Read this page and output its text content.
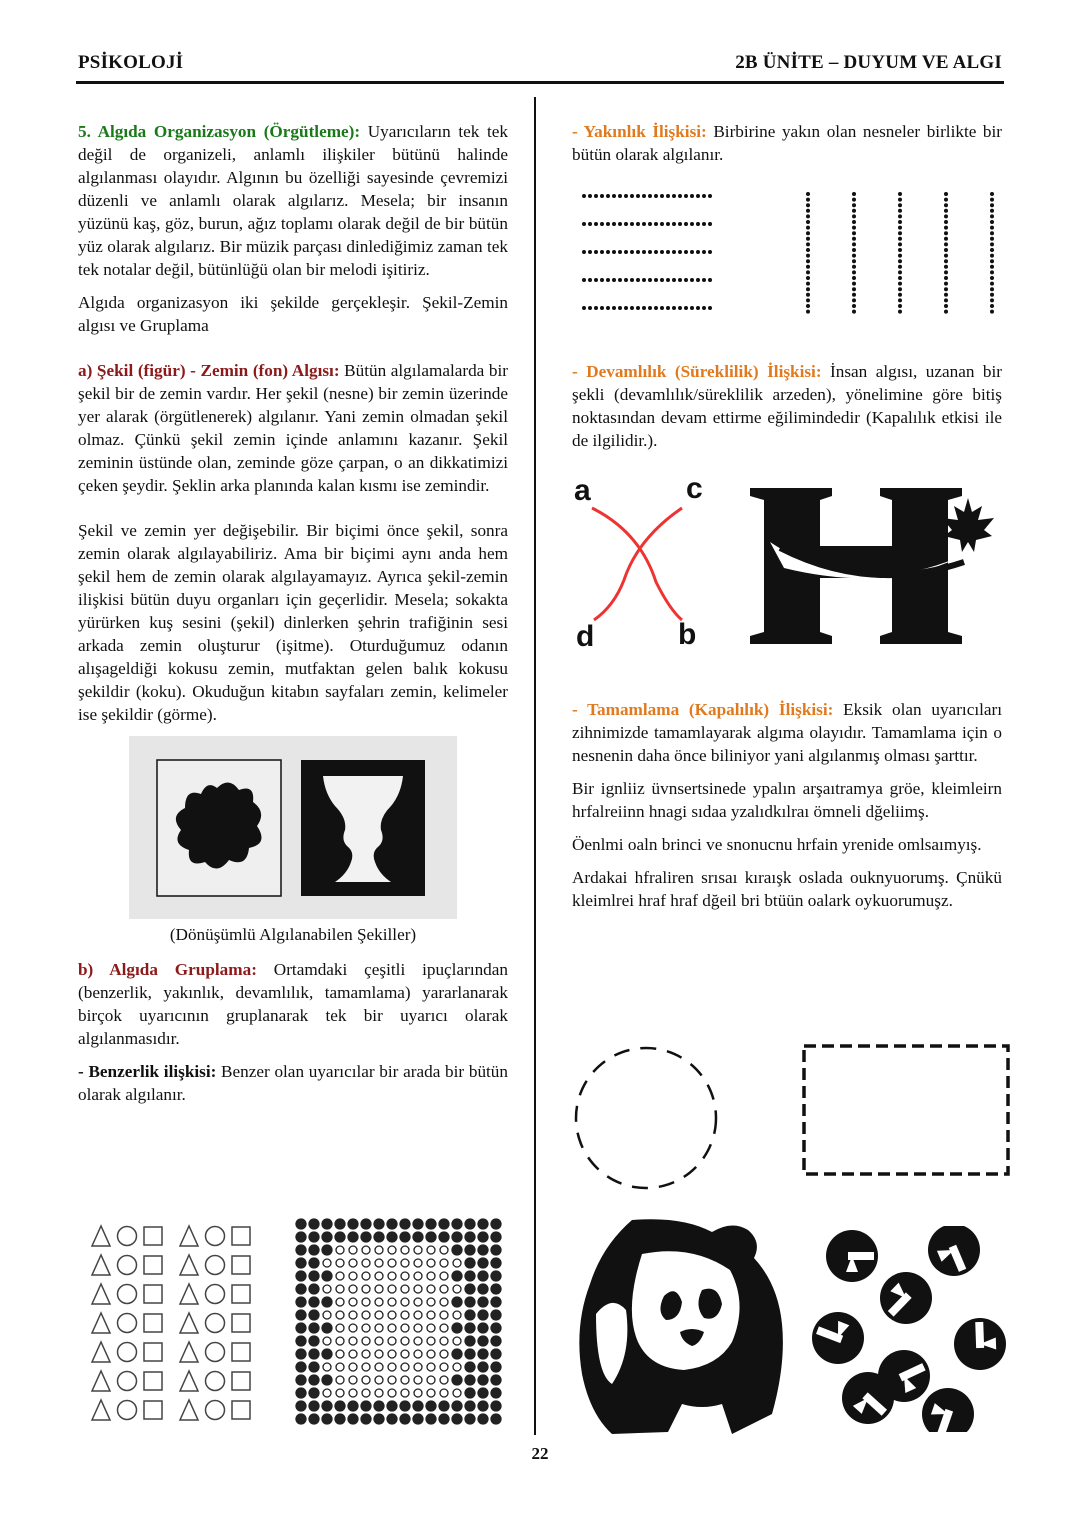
PSİKOLOJİ	2B ÜNİTE – DUYUM VE ALGI

5. Algıda Organizasyon (Örgütleme): Uyarıcıların tek tek değil de organizeli, anlamlı ilişkiler bütünü halinde algılanması olayıdır. Algının bu özelliği sayesinde çevremizi düzenli ve anlamlı olarak algılarız. Mesela; bir insanın yüzünü kaş, göz, burun, ağız toplamı olarak değil de bir bütün yüz olarak algılarız. Bir müzik parçası dinlediğimiz zaman tek tek notalar değil, bütünlüğü olan bir melodi işitiriz.

Algıda organizasyon iki şekilde gerçekleşir. Şekil-Zemin algısı ve Gruplama

a) Şekil (figür) - Zemin (fon) Algısı: Bütün algılamalarda bir şekil bir de zemin vardır. Her şekil (nesne) bir zemin üzerinde yer alarak (örgütlenerek) algılanır. Yani zemin olmadan şekil olmaz. Çünkü şekil zemin içinde anlamını kazanır. Şekil zeminin üstünde olan, zeminde göze çarpan, o an dikkatimizi çeken şeydir. Şeklin arka planında kalan kısmı ise zemindir.

Şekil ve zemin yer değişebilir. Bir biçimi önce şekil, sonra zemin olarak algılayabiliriz. Ama bir biçimi aynı anda hem şekil hem de zemin olarak algılayamayız. Ayrıca şekil-zemin ilişkisi bütün duyu organları için geçerlidir. Mesela; sokakta yürürken kuş sesini (şekil) dinlerken şehrin trafiğinin sesi arkada zemin oluşturur (işitme). Oturduğumuz odanın alışageldiği kokusu zemin, mutfaktan gelen balık kokusu şekildir (koku). Okuduğun kitabın sayfaları zemin, kelimeler ise şekildir (görme).

(Dönüşümlü Algılanabilen Şekiller)

b) Algıda Gruplama: Ortamdaki çeşitli ipuçlarından (benzerlik, yakınlık, devamlılık, tamamlama) yararlanarak birçok uyarıcının gruplanarak tek bir uyarıcı olarak algılanmasıdır.

- Benzerlik ilişkisi: Benzer olan uyarıcılar bir arada bir bütün olarak algılanır.

- Yakınlık İlişkisi: Birbirine yakın olan nesneler birlikte bir bütün olarak algılanır.

- Devamlılık (Süreklilik) İlişkisi: İnsan algısı, uzanan bir şekli (devamlılık/süreklilik arzeden), yönelimine göre bitiş noktasından devam ettirme eğilimindedir (Kapalılık etkisi ile de ilgilidir.).

a	c
d	b

- Tamamlama (Kapalılık) İlişkisi: Eksik olan uyarıcıları zihnimizde tamamlayarak algıma olayıdır. Tamamlama için o nesnenin daha önce biliniyor yani algılanmış olması şarttır.

Bir ignliiz üvnsertsinede ypalın arşaıtramya gröe, kleimleirn hrfalreiinn hnagi sıdaa yzalıdkılraı ömneli dğeliimş.

Öenlmi oaln brinci ve snonucnu hrfain yrenide omlsaımyış.

Ardakai hfraliren srısaı kıraışk oslada ouknyuorumş. Çnükü kleimlrei hraf hraf dğeil bri btüün oalark oykuorumuşz.

22
